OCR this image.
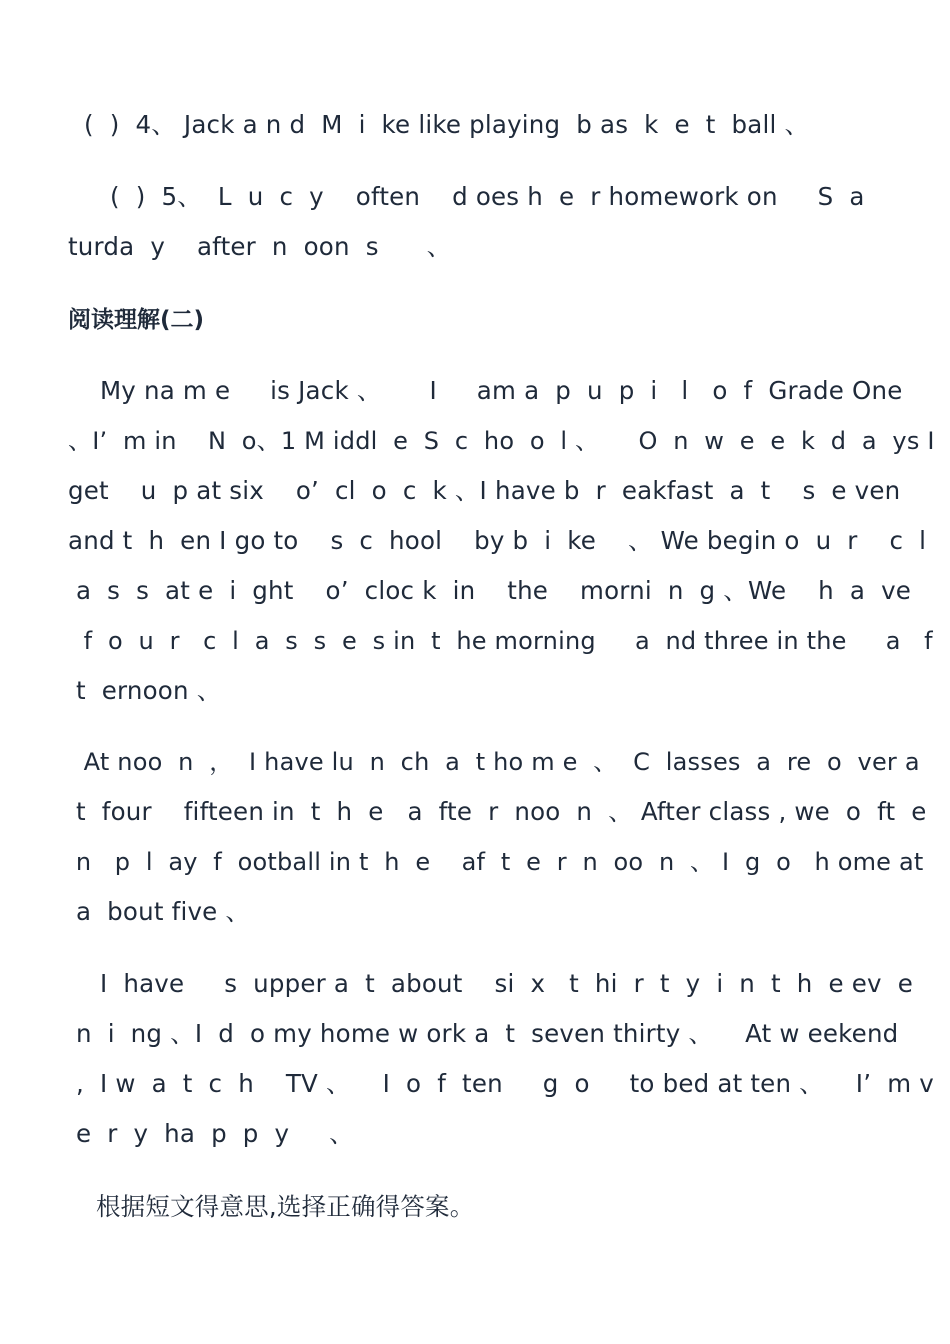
(  )  4、 Jack a n d  M  i  ke like playing  b as  k  e  t  ball 、
(  )  5、  L  u  c  y    often    d oes h  e  r homework on     S  a
turda  y    after  n  oon  s      、
阅读理解(二)
My na m e     is Jack 、      I     am a  p  u  p  i   l   o  f  Grade One
、I’  m in    N  o、1 M iddl  e  S  c  ho  o  l 、     O  n  w  e  e  k  d  a  ys I
get    u  p at six    o’  cl  o  c  k 、I have b  r  eakfast  a  t    s  e ven
and t  h  en I go to    s  c  hool    by b  i  ke    、 We begin o  u  r    c  l
a  s  s  at e  i  ght    o’  cloc k  in    the    morni  n  g 、We    h  a  ve
f  o  u  r   c  l  a  s  s  e  s in  t  he morning     a  nd three in the     a   f
t  ernoon 、
At noo  n  ，  I have lu  n  ch  a  t ho m e  、  C  lasses  a  re  o  ver a
t  four    fifteen in  t  h  e   a  fte  r  noo  n  、 After class , we  o  ft  e
n   p  l  ay  f  ootball in t  h  e    af  t  e  r  n  oo  n  、 I  g  o   h ome at
a  bout five 、
I  have     s  upper a  t  about    si  x   t  hi  r  t  y  i  n  t  h  e ev  e
n  i  ng 、I  d  o my home w ork a  t  seven thirty 、    At w eekend
,  I w  a  t  c  h    TV 、    I  o  f  ten     g  o     to bed at ten 、    I’  m v
e  r  y  ha  p  p  y     、
根据短文得意思,选择正确得答案。
